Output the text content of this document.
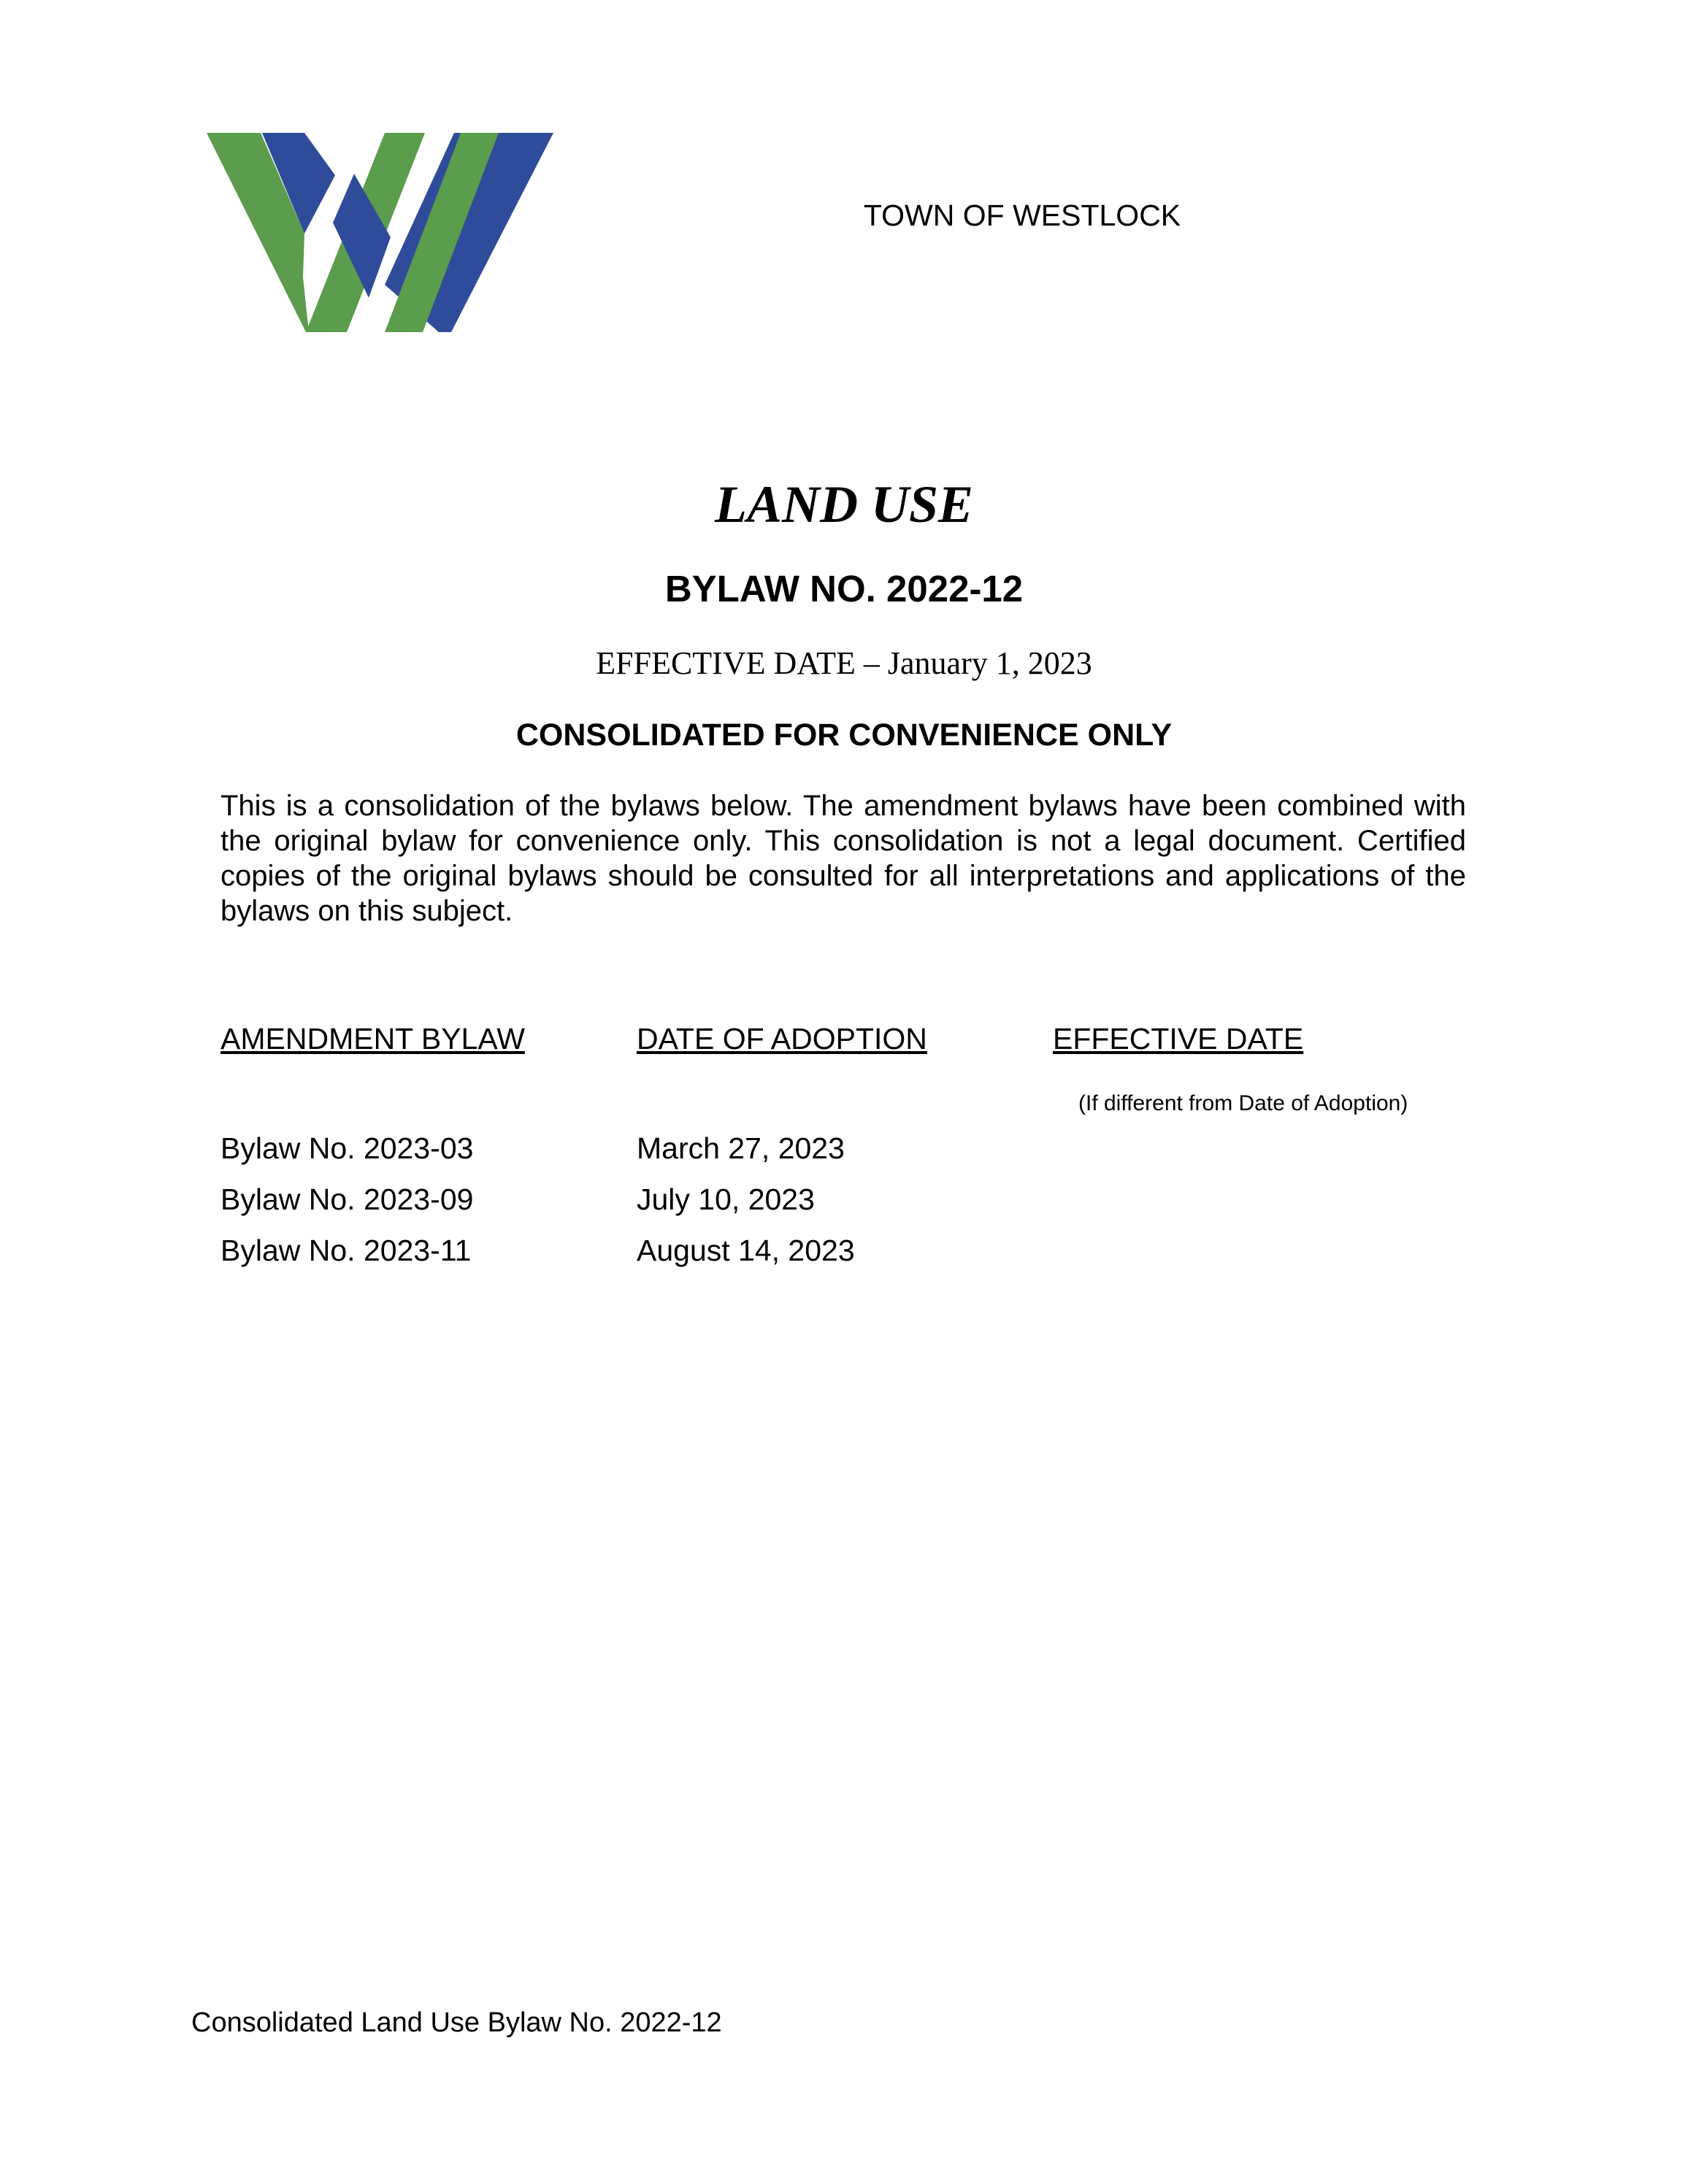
TOWN OF WESTLOCK
LAND USE
BYLAW NO. 2022-12
EFFECTIVE DATE – January 1, 2023
CONSOLIDATED FOR CONVENIENCE ONLY
This is a consolidation of the bylaws below. The amendment bylaws have been combined with the original bylaw for convenience only. This consolidation is not a legal document. Certified copies of the original bylaws should be consulted for all interpretations and applications of the bylaws on this subject.
AMENDMENT BYLAW	DATE OF ADOPTION	EFFECTIVE DATE
(If different from Date of Adoption)
Bylaw No. 2023-03	March 27, 2023
Bylaw No. 2023-09	July 10, 2023
Bylaw No. 2023-11	August 14, 2023
Consolidated Land Use Bylaw No. 2022-12
